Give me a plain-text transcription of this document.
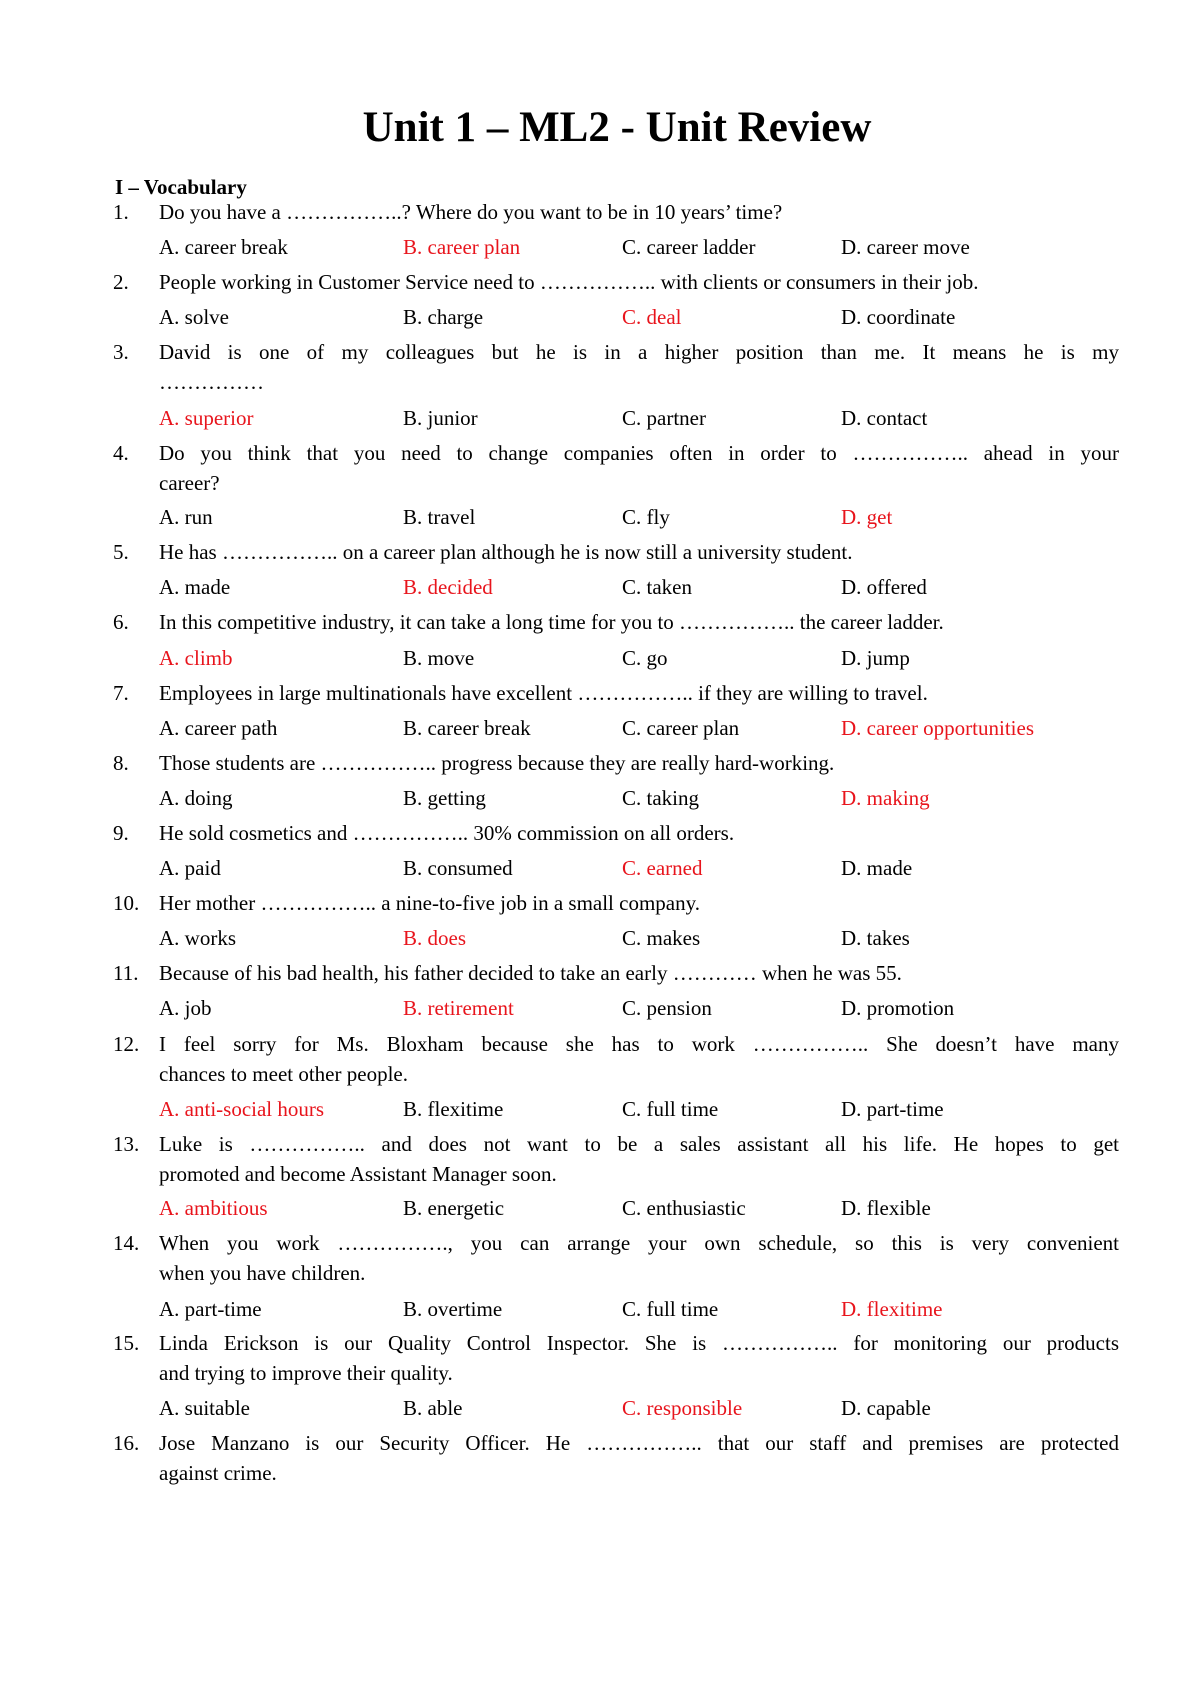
Unit 1 – ML2 - Unit Review
I – Vocabulary
1. Do you have a ……………..? Where do you want to be in 10 years’ time?
A. career break	B. career plan	C. career ladder	D. career move
2. People working in Customer Service need to …………….. with clients or consumers in their job.
A. solve	B. charge	C. deal	D. coordinate
3. David is one of my colleagues but he is in a higher position than me. It means he is my
……………
A. superior	B. junior	C. partner	D. contact
4. Do you think that you need to change companies often in order to …………….. ahead in your
career?
A. run	B. travel	C. fly	D. get
5. He has …………….. on a career plan although he is now still a university student.
A. made	B. decided	C. taken	D. offered
6. In this competitive industry, it can take a long time for you to …………….. the career ladder.
A. climb	B. move	C. go	D. jump
7. Employees in large multinationals have excellent …………….. if they are willing to travel.
A. career path	B. career break	C. career plan	D. career opportunities
8. Those students are …………….. progress because they are really hard-working.
A. doing	B. getting	C. taking	D. making
9. He sold cosmetics and …………….. 30% commission on all orders.
A. paid	B. consumed	C. earned	D. made
10. Her mother …………….. a nine-to-five job in a small company.
A. works	B. does	C. makes	D. takes
11. Because of his bad health, his father decided to take an early ………… when he was 55.
A. job	B. retirement	C. pension	D. promotion
12. I feel sorry for Ms. Bloxham because she has to work …………….. She doesn’t have many
chances to meet other people.
A. anti-social hours	B. flexitime	C. full time	D. part-time
13. Luke is …………….. and does not want to be a sales assistant all his life. He hopes to get
promoted and become Assistant Manager soon.
A. ambitious	B. energetic	C. enthusiastic	D. flexible
14. When you work ……………., you can arrange your own schedule, so this is very convenient
when you have children.
A. part-time	B. overtime	C. full time	D. flexitime
15. Linda Erickson is our Quality Control Inspector. She is …………….. for monitoring our products
and trying to improve their quality.
A. suitable	B. able	C. responsible	D. capable
16. Jose Manzano is our Security Officer. He …………….. that our staff and premises are protected
against crime.
